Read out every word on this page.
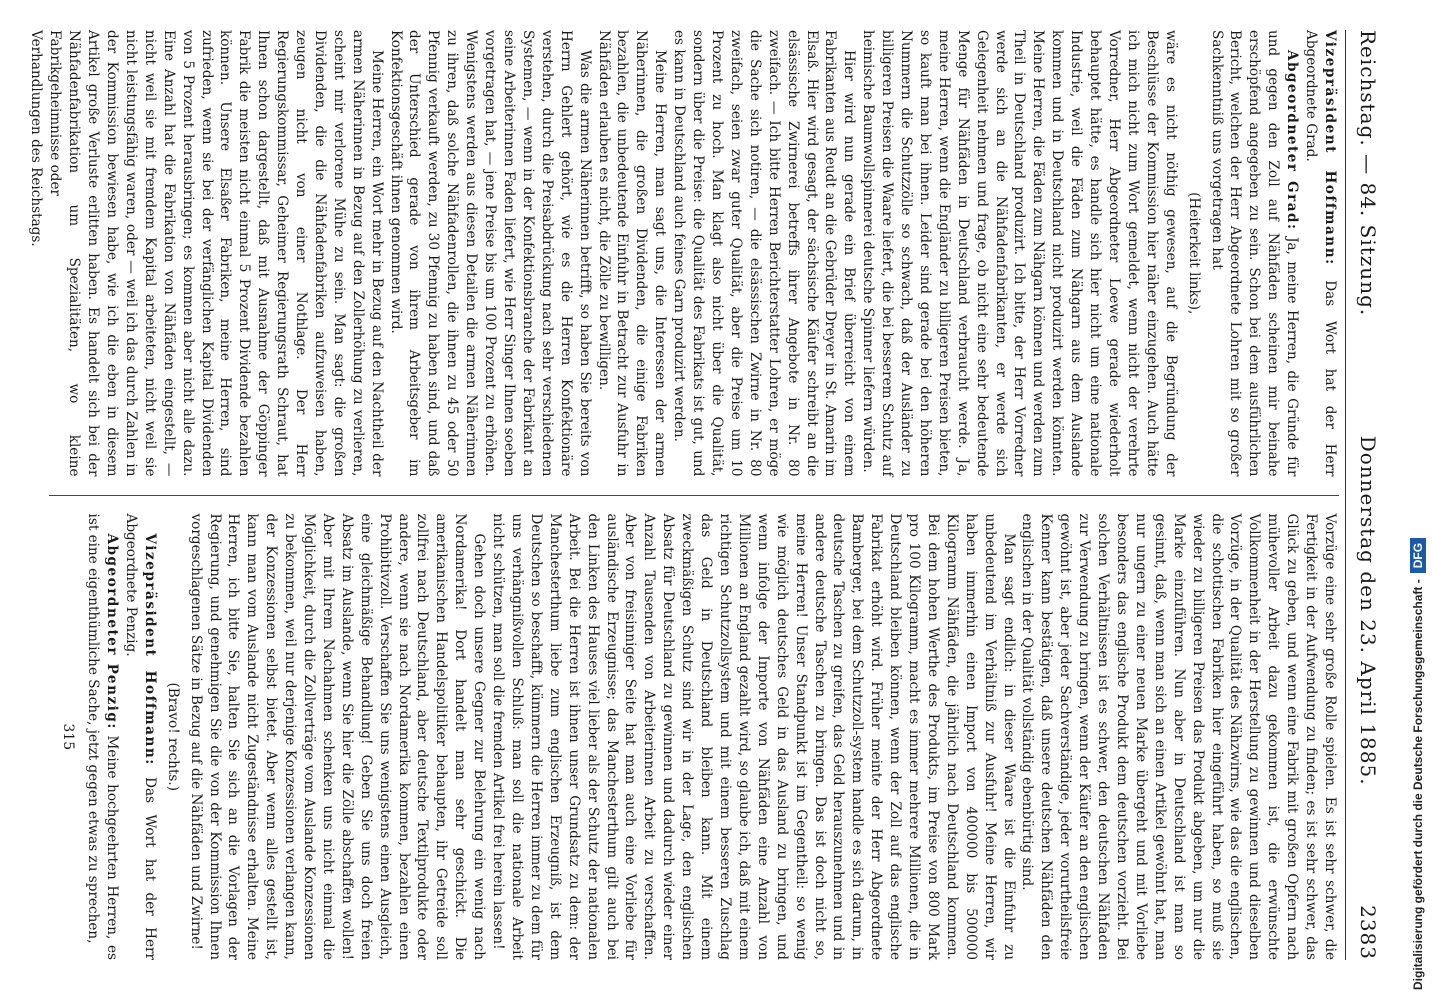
Reichstag. — 84. Sitzung.
Donnerstag den 23. April 1885.
2383

Vizepräsident Hoffmann: Das Wort hat der Herr Abgeordnete Grad.

Abgeordneter Grad: Ja, meine Herren, die Gründe für und gegen den Zoll auf Nähfäden scheinen mir beinahe erschöpfend angegeben zu sein. Schon bei dem ausführlichen Bericht, welchen der Herr Abgeordnete Lohren mit so großer Sachkenntniß uns vorgetragen hat

(Heiterkeit links),

wäre es nicht nöthig gewesen, auf die Begründung der Beschlüsse der Kommission hier näher einzugehen. Auch hätte ich mich nicht zum Wort gemeldet, wenn nicht der verehrte Vorredner, Herr Abgeordneter Loewe gerade wiederholt behauptet hätte, es handle sich hier nicht um eine nationale Industrie, weil die Fäden zum Nähgarn aus dem Auslande kommen und in Deutschland nicht produzirt werden könnten. Meine Herren, die Fäden zum Nähgarn können und werden zum Theil in Deutschland produzirt. Ich bitte, der Herr Vorredner werde sich an die Nähfadenfabrikanten, er werde sich Gelegenheit nehmen und frage, ob nicht eine sehr bedeutende Menge für Nähfäden in Deutschland verbraucht werde. Ja, meine Herren, wenn die Engländer zu billigeren Preisen bieten, so kauft man bei ihnen. Leider sind gerade bei den höheren Nummern die Schutzzölle so schwach, daß der Ausländer zu billigeren Preisen die Waare liefert, die bei besserem Schutz auf heimische Baumwollspinnerei deutsche Spinner liefern würden.

Hier wird nun gerade ein Brief überreicht von einem Fabrikanten aus Reudt an die Gebrüder Dreyer in St. Amarin im Elsaß. Hier wird gesagt, der sächsische Käufer schreibt an die elsässische Zwirnerei betreffs ihrer Angebote in Nr. 80 zweifach. — Ich bitte Herren Berichterstatter Lohren, er möge die Sache sich notiren, — die elsässischen Zwirne in Nr. 80 zweifach, seien zwar guter Qualität, aber die Preise um 10 Prozent zu hoch. Man klagt also nicht über die Qualität, sondern über die Preise: die Qualität des Fabrikats ist gut, und es kann in Deutschland auch feines Garn produzirt werden.

Meine Herren, man sagt uns, die Interessen der armen Näherinnen, die großen Dividenden, die einige Fabriken bezahlen, die unbedeutende Einfuhr in Betracht zur Ausfuhr in Nähfäden erlauben es nicht, die Zölle zu bewilligen.

Was die armen Näherinnen betrifft, so haben Sie bereits von Herrn Gehlert gehört, wie es die Herren Konfektionäre verstehen, durch die Preisabdrückung nach sehr verschiedenen Systemen, — wenn in der Konfektionsbranche der Fabrikant an seine Arbeiterinnen Faden liefert, wie Herr Singer Ihnen soeben vorgetragen hat, — jene Preise bis um 100 Prozent zu erhöhen. Wenigstens werden aus diesen Detailen die armen Näherinnen zu ihren, daß solche Nähfadenrollen, die ihnen zu 45 oder 50 Pfennig verkauft werden, zu 30 Pfennig zu haben sind, und daß der Unterschied gerade von ihrem Arbeitsgeber im Konfektionsgeschäft ihnen genommen wird.

Meine Herren, ein Wort mehr in Bezug auf den Nachtheil der armen Näherinnen in Bezug auf den Zollerhöhung zu verlieren, scheint mir verlorene Mühe zu sein. Man sagt: die großen Dividenden, die die Nähfadenfabriken aufzuweisen haben, zeugen nicht von einer Nothlage. Der Herr Regierungskommissar, Geheimer Regierungsrath Schraut, hat Ihnen schon dargestellt, daß mit Ausnahme der Göppinger Fabrik die meisten nicht einmal 5 Prozent Dividende bezahlen können. Unsere Elsaßer Fabriken, meine Herren, sind zufrieden, wenn sie bei der verfänglichen Kapital Dividenden von 5 Prozent herausbringen; es kommen aber nicht alle dazu. Eine Anzahl hat die Fabrikation von Nähfäden eingestellt, — nicht weil sie mit fremdem Kapital arbeiteten, nicht weil sie nicht leistungsfähig waren, oder — weil ich das durch Zahlen in der Kommission bewiesen habe, wie ich die eben in diesem Artikel große Verluste erlitten haben. Es handelt sich bei der Nähfadenfabrikation um Spezialitäten, wo kleine Fabrikgeheimnisse oder

Verhandlungen des Reichstags.

Vorzüge eine sehr große Rolle spielen. Es ist sehr schwer, die Fertigkeit in der Aufwendung zu finden; es ist sehr schwer, das Glück zu geben, und wenn eine Fabrik mit großen Opfern nach mühevoller Arbeit dazu gekommen ist, die erwünschte Vollkommenheit in der Herstellung zu gewinnen und dieselben Vorzüge, in der Qualität des Nähzwirns, wie das die englischen, die schottischen Fabriken hier eingeführt haben, so muß sie wieder zu billigeren Preisen das Produkt abgeben, um nur die Marke einzuführen. Nun aber in Deutschland ist man so gesinnt, daß, wenn man sich an einen Artikel gewöhnt hat, man nur ungern zu einer neuen Marke übergeht und mit Vorliebe besonders das englische Produkt dem deutschen vorzieht. Bei solchen Verhältnissen ist es schwer, den deutschen Nähfaden zur Verwendung zu bringen, wenn der Käufer an den englischen gewöhnt ist, aber jeder Sachverständige, jeder vorurtheilsfreie Kenner kann bestätigen, daß unsere deutschen Nähfäden den englischen in der Qualität vollständig ebenbürtig sind.

Man sagt endlich: in dieser Waare ist die Einfuhr zu unbedeutend im Verhältniß zur Ausfuhr! Meine Herren, wir haben immerhin einen Import von 400000 bis 500000 Kilogramm Nähfäden, die jährlich nach Deutschland kommen. Bei dem hohen Werthe des Produkts, im Preise von 800 Mark pro 100 Kilogramm, macht es immer mehrere Millionen, die in Deutschland bleiben können, wenn der Zoll auf das englische Fabrikat erhöht wird. Früher meinte der Herr Abgeordnete Bamberger, bei dem Schutzzoll-system handle es sich darum, in deutsche Taschen zu greifen, das Geld herauszunehmen und in andere deutsche Taschen zu bringen. Das ist doch nicht so, meine Herren! Unser Standpunkt ist im Gegentheil: so wenig wie möglich deutsches Geld in das Ausland zu bringen, und wenn infolge der Importe von Nähfäden eine Anzahl von Millionen an England gezahlt wird, so glaube ich, daß mit einem richtigen Schutzzollsystem und mit einem besseren Zuschlag das Geld in Deutschland bleiben kann. Mit einem zweckmäßigen Schutz sind wir in der Lage, den englischen Absatz für Deutschland zu gewinnen und dadurch wieder einer Anzahl Tausenden von Arbeiterinnen Arbeit zu verschaffen. Aber von freisinniger Seite hat man auch eine Vorliebe für ausländische Erzeugnisse; das Manchesterthum gilt auch bei den Linken des Hauses viel lieber als der Schutz der nationalen Arbeit. Bei die Herren ist ihnen unser Grundsatz zu dem: der Manchesterthum liebe zum englischen Erzeugniß, ist dem Deutschen so beschafft, kümmern die Herren immer zu dem für uns verhängnißvollen Schluß: man soll die nationale Arbeit nicht schützen, man soll die fremden Artikel frei herein lassen!

Gehen doch unsere Gegner zur Belehrung ein wenig nach Nordamerika! Dort handelt man sehr geschickt. Die amerikanischen Handelspolitiker behaupten, ihr Getreide soll zollfrei nach Deutschland, aber deutsche Textilprodukte oder andere, wenn sie nach Nordamerika kommen, bezahlen einen Prohibitivzoll. Verschaffen Sie uns wenigstens einen Ausgleich, eine gleichmäßige Behandlung! Geben Sie uns doch freien Absatz im Auslande, wenn Sie hier die Zölle abschaffen wollen! Aber mit Ihrem Nachahmen schenken uns nicht einmal die Möglichkeit, durch die Zollverträge vom Auslande Konzessionen zu bekommen, weil nur derjenige Konzessionen verlangen kann, der Konzessionen selbst bietet. Aber wenn alles gestellt ist, kann man vom Auslande nicht Zugeständnisse erhalten. Meine Herren, ich bitte Sie, halten Sie sich an die Vorlagen der Regierung, und genehmigen Sie die von der Kommission Ihnen vorgeschlagenen Sätze in Bezug auf die Nähfäden und Zwirne!

(Bravo! rechts.)

Vizepräsident Hoffmann: Das Wort hat der Herr Abgeordnete Penzig.

Abgeordneter Penzig: Meine hochgeehrten Herren, es ist eine eigenthümliche Sache, jetzt gegen etwas zu sprechen,

315	Digitalisierung gefördert durch die Deutsche Forschungsgemeinschaft -DFG
